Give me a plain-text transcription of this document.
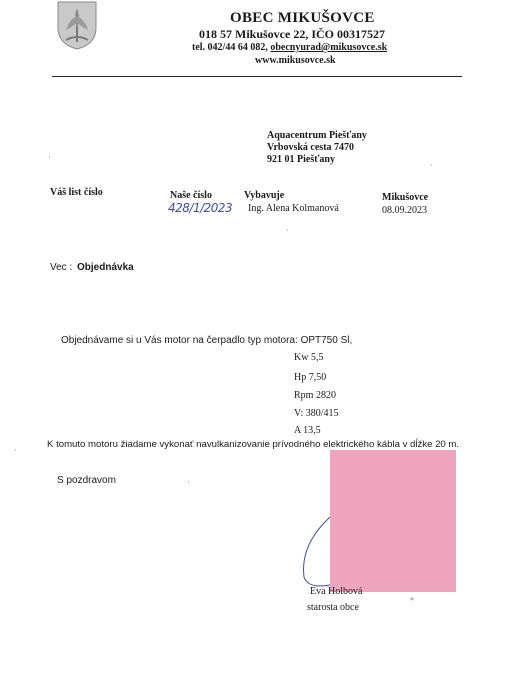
OBEC MIKUŠOVCE
018 57 Mikušovce 22, IČO 00317527
tel. 042/44 64 082, obecnyurad@mikusovce.sk
www.mikusovce.sk
Aquacentrum Piešťany
Vrbovská cesta 7470
921 01 Piešťany
Váš list číslo	Naše číslo
428/1/2023
Vybavuje
Ing. Alena Kolmanová
Mikušovce
08.09.2023
Vec : Objednávka
Objednávame si u Vás motor na čerpadlo typ motora: OPT750 Sl,
Kw 5,5
Hp 7,50
Rpm 2820
V: 380/415
A 13,5
K tomuto motoru žiadame vykonať navulkanizovanie prívodného elektrického kábla v dĺžke 20 m.
S pozdravom
Eva Holbová
starosta obce
·
·
·
·
·
»
